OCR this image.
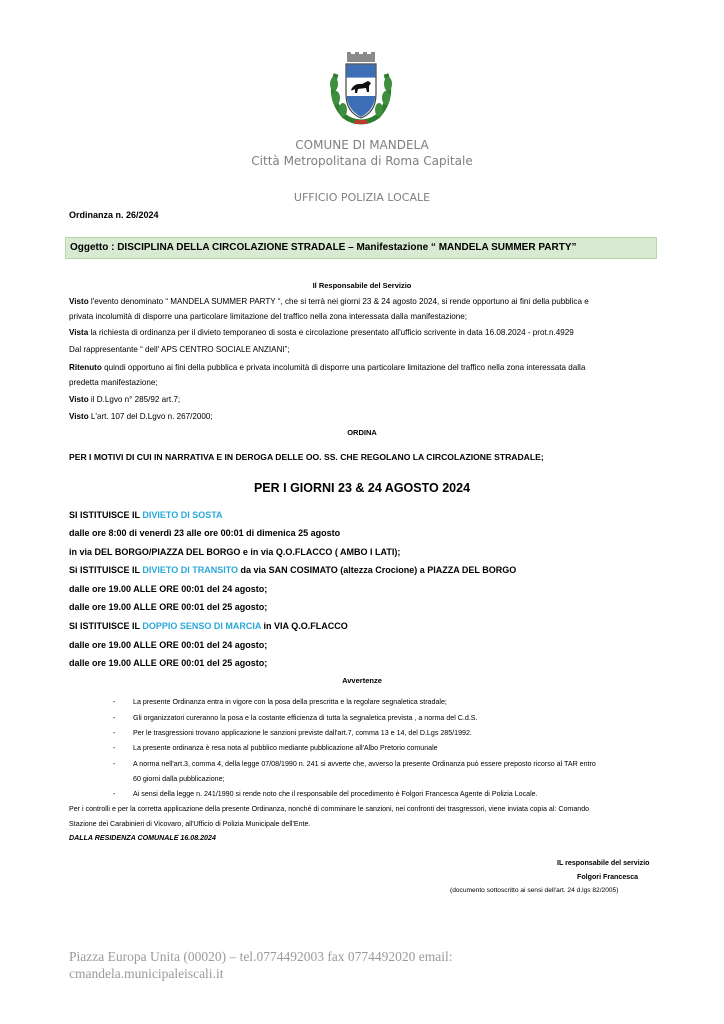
COMUNE DI MANDELA
Città Metropolitana di Roma Capitale
UFFICIO POLIZIA LOCALE
Ordinanza n. 26/2024
Oggetto : DISCIPLINA DELLA CIRCOLAZIONE STRADALE – Manifestazione “ MANDELA SUMMER PARTY”
Il Responsabile del Servizio
Visto l'evento denominato “ MANDELA SUMMER PARTY “, che si terrà nei giorni 23 & 24 agosto 2024, si rende opportuno ai fini della pubblica e
privata incolumità di disporre una particolare limitazione del traffico nella zona interessata dalla manifestazione;
Vista la richiesta di ordinanza per il divieto temporaneo di sosta e circolazione presentato all'ufficio scrivente in data 16.08.2024 - prot.n.4929
Dal rappresentante “ dell' APS CENTRO SOCIALE ANZIANI”;
Ritenuto quindi opportuno ai fini della pubblica e privata incolumità di disporre una particolare limitazione del traffico nella zona interessata dalla
predetta manifestazione;
Visto il D.Lgvo n° 285/92 art.7;
Visto L'art. 107 del D.Lgvo n. 267/2000;
ORDINA
PER I MOTIVI DI CUI IN NARRATIVA E IN DEROGA DELLE OO. SS. CHE REGOLANO LA CIRCOLAZIONE STRADALE;
PER I GIORNI 23 & 24 AGOSTO 2024
SI ISTITUISCE IL DIVIETO DI SOSTA
dalle ore 8:00 di venerdì 23 alle ore 00:01 di dimenica 25 agosto
in via DEL BORGO/PIAZZA DEL BORGO e in via Q.O.FLACCO ( AMBO I LATI);
Si ISTITUISCE IL DIVIETO DI TRANSITO da via SAN COSIMATO (altezza Crocione) a PIAZZA DEL BORGO
dalle ore 19.00 ALLE ORE 00:01 del 24 agosto;
dalle ore 19.00 ALLE ORE 00:01 del 25 agosto;
SI ISTITUISCE IL DOPPIO SENSO DI MARCIA in VIA Q.O.FLACCO
dalle ore 19.00 ALLE ORE 00:01 del 24 agosto;
dalle ore 19.00 ALLE ORE 00:01 del 25 agosto;
Avvertenze
- La presente Ordinanza entra in vigore con la posa della prescritta e la regolare segnaletica stradale;
- Gli organizzatori cureranno la posa e la costante efficienza di tutta la segnaletica prevista , a norma del C.d.S.
- Per le trasgressioni trovano applicazione le sanzioni previste dall'art.7, comma 13 e 14, del D.Lgs 285/1992.
- La presente ordinanza è resa nota al pubblico mediante pubblicazione all'Albo Pretorio comunale
- A norma nell'art.3, comma 4, della legge 07/08/1990 n. 241 si avverte che, avverso la presente Ordinanza può essere preposto ricorso al TAR entro
60 giorni dalla pubblicazione;
- Ai sensi della legge n. 241/1990 si rende noto che il responsabile del procedimento è Folgori Francesca Agente di Polizia Locale.
Per i controlli e per la corretta applicazione della presente Ordinanza, nonché di comminare le sanzioni, nei confronti dei trasgressori, viene inviata copia al: Comando
Stazione dei Carabinieri di Vicovaro, all'Ufficio di Polizia Municipale dell'Ente.
DALLA RESIDENZA COMUNALE 16.08.2024
IL responsabile del servizio
Folgori Francesca
(documento sottoscritto ai sensi dell'art. 24 d.lgs 82/2005)
Piazza Europa Unita (00020) – tel.0774492003 fax 0774492020 email:
cmandela.municipaleiscali.it
